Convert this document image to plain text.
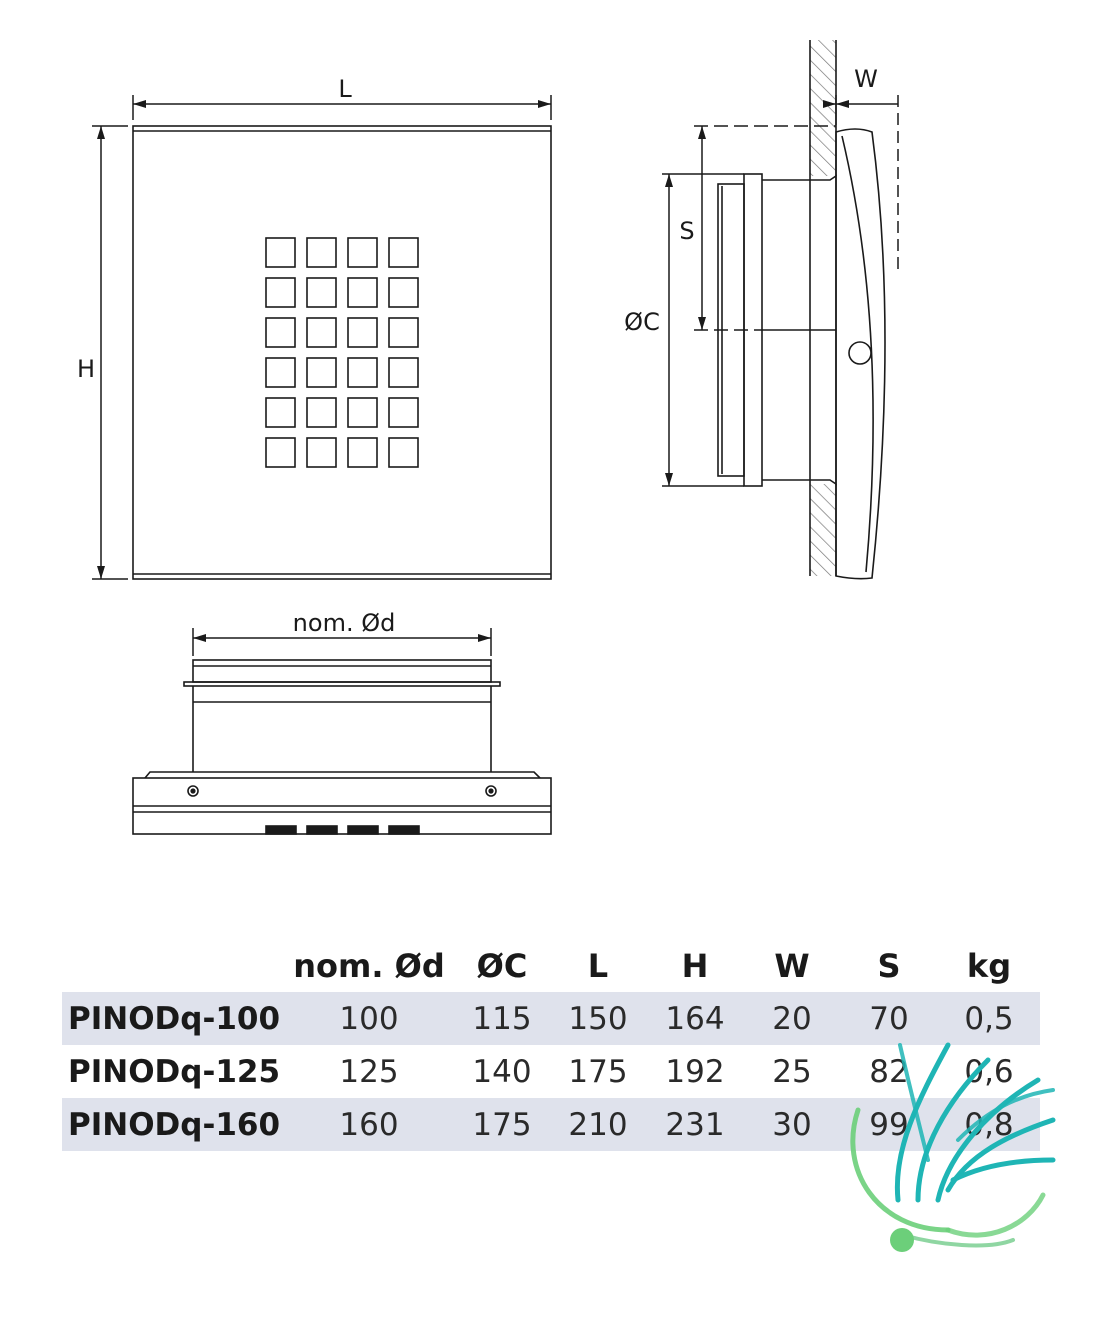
L
H
W
S
ØC
nom. Ød
	nom. Ød	ØC	L	H	W	S	kg
PINODq-100	100	115	150	164	20	70	0,5
PINODq-125	125	140	175	192	25	82	0,6
PINODq-160	160	175	210	231	30	99	0,8
